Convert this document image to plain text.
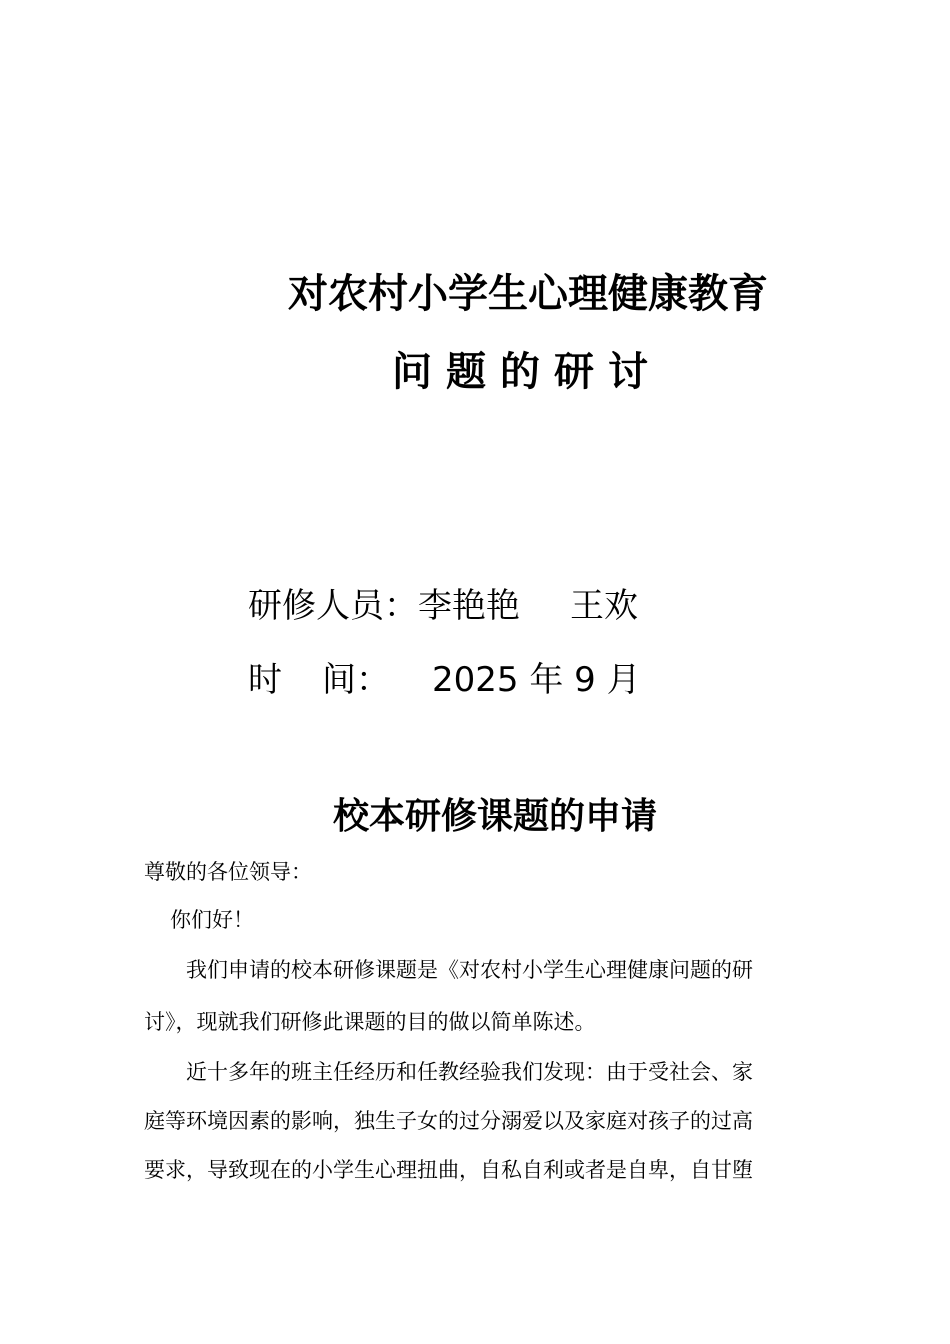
对农村小学生心理健康教育
问题的研讨
研修人员：李艳艳 王欢
时 间： 2025 年 9 月
校本研修课题的申请
尊敬的各位领导：
你们好！
　　我们申请的校本研修课题是《对农村小学生心理健康问题的研
讨》，现就我们研修此课题的目的做以简单陈述。
　　近十多年的班主任经历和任教经验我们发现：由于受社会、家
庭等环境因素的影响，独生子女的过分溺爱以及家庭对孩子的过高
要求，导致现在的小学生心理扭曲，自私自利或者是自卑，自甘堕
